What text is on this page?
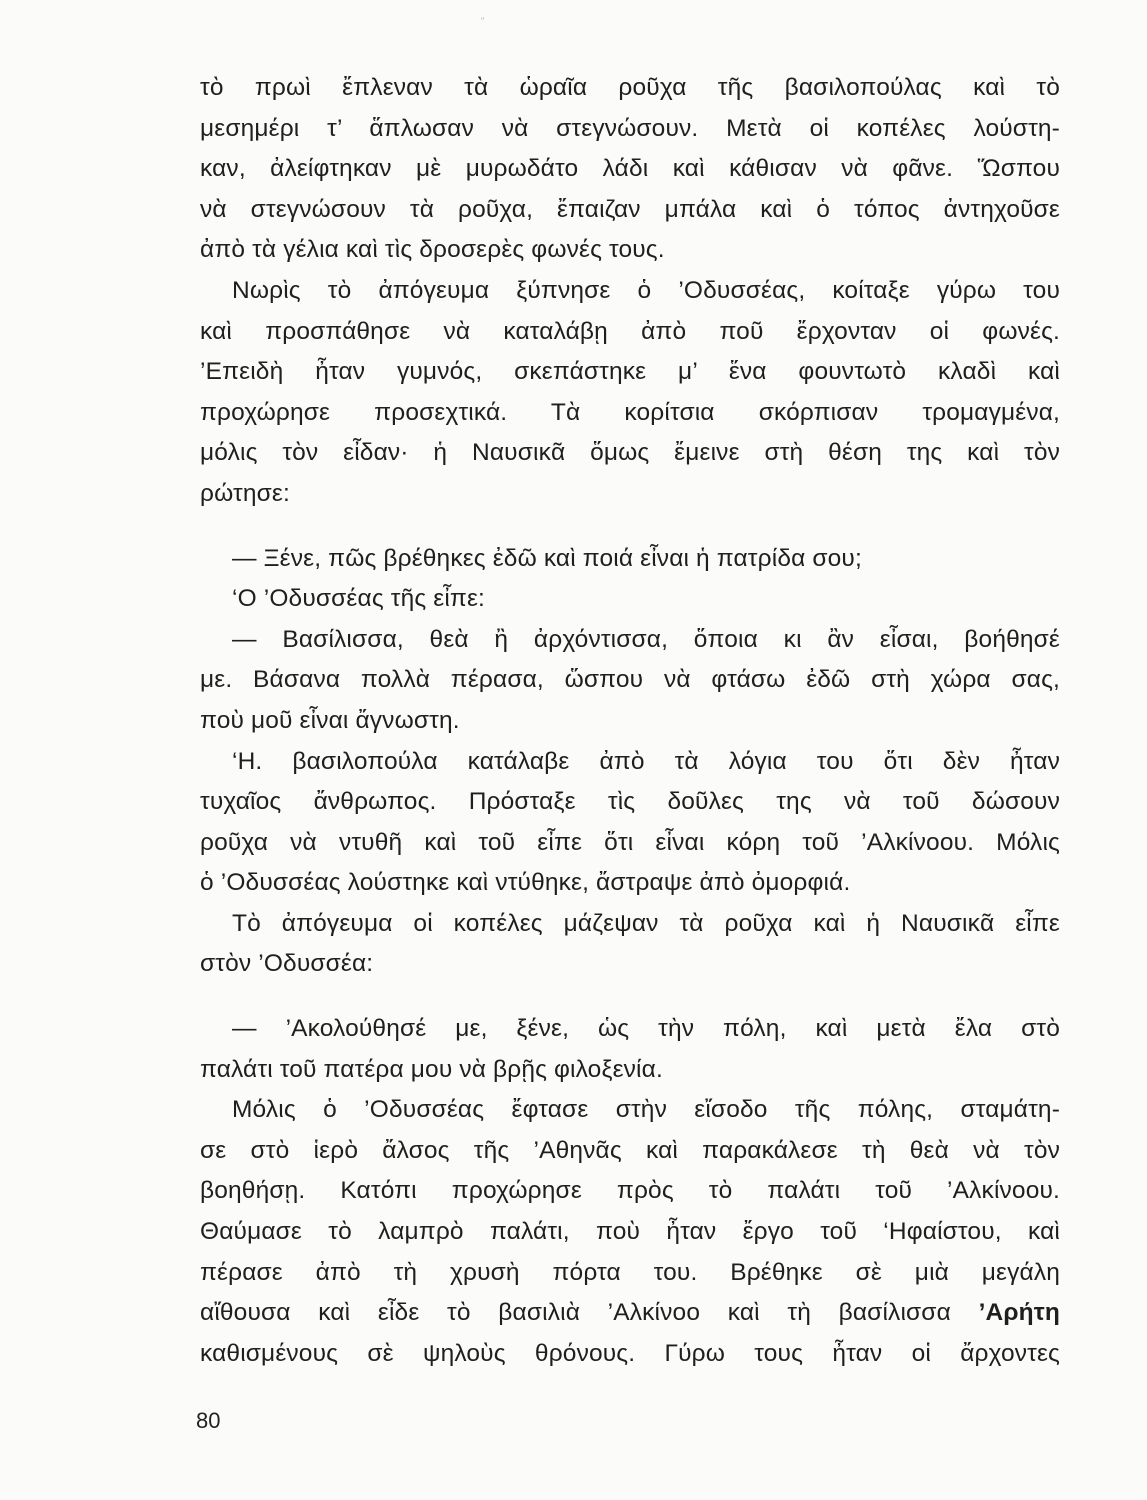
"
τὸ πρωὶ ἔπλεναν τὰ ὡραῖα ροῦχα τῆς βασιλοπούλας καὶ τὸ
μεσημέρι τ’ ἅπλωσαν νὰ στεγνώσουν. Μετὰ οἱ κοπέλες λούστη-
καν, ἀλείφτηκαν μὲ μυρωδάτο λάδι καὶ κάθισαν νὰ φᾶνε. Ὥσπου
νὰ στεγνώσουν τὰ ροῦχα, ἔπαιζαν μπάλα καὶ ὁ τόπος ἀντηχοῦσε
ἀπὸ τὰ γέλια καὶ τὶς δροσερὲς φωνές τους.
Νωρὶς τὸ ἀπόγευμα ξύπνησε ὁ ’Οδυσσέας, κοίταξε γύρω του
καὶ προσπάθησε νὰ καταλάβῃ ἀπὸ ποῦ ἔρχονταν οἱ φωνές.
’Επειδὴ ἦταν γυμνός, σκεπάστηκε μ’ ἕνα φουντωτὸ κλαδὶ καὶ
προχώρησε προσεχτικά. Τὰ κορίτσια σκόρπισαν τρομαγμένα,
μόλις τὸν εἶδαν· ἡ Ναυσικᾶ ὅμως ἔμεινε στὴ θέση της καὶ τὸν
ρώτησε:
— Ξένε, πῶς βρέθηκες ἐδῶ καὶ ποιά εἶναι ἡ πατρίδα σου;
‘Ο ’Οδυσσέας τῆς εἶπε:
— Βασίλισσα, θεὰ ἢ ἀρχόντισσα, ὅποια κι ἂν εἶσαι, βοήθησέ
με. Βάσανα πολλὰ πέρασα, ὥσπου νὰ φτάσω ἐδῶ στὴ χώρα σας,
ποὺ μοῦ εἶναι ἄγνωστη.
‘Η. βασιλοπούλα κατάλαβε ἀπὸ τὰ λόγια του ὅτι δὲν ἦταν
τυχαῖος ἄνθρωπος. Πρόσταξε τὶς δοῦλες της νὰ τοῦ δώσουν
ροῦχα νὰ ντυθῆ καὶ τοῦ εἶπε ὅτι εἶναι κόρη τοῦ ’Αλκίνοου. Μόλις
ὁ ’Οδυσσέας λούστηκε καὶ ντύθηκε, ἄστραψε ἀπὸ ὀμορφιά.
Τὸ ἀπόγευμα οἱ κοπέλες μάζεψαν τὰ ροῦχα καὶ ἡ Ναυσικᾶ εἶπε
στὸν ’Οδυσσέα:
— ’Ακολούθησέ με, ξένε, ὡς τὴν πόλη, καὶ μετὰ ἔλα στὸ
παλάτι τοῦ πατέρα μου νὰ βρῇς φιλοξενία.
Μόλις ὁ ’Οδυσσέας ἔφτασε στὴν εἴσοδο τῆς πόλης, σταμάτη-
σε στὸ ἱερὸ ἄλσος τῆς ’Αθηνᾶς καὶ παρακάλεσε τὴ θεὰ νὰ τὸν
βοηθήσῃ. Κατόπι προχώρησε πρὸς τὸ παλάτι τοῦ ’Αλκίνοου.
Θαύμασε τὸ λαμπρὸ παλάτι, ποὺ ἦταν ἔργο τοῦ ‘Ηφαίστου, καὶ
πέρασε ἀπὸ τὴ χρυσὴ πόρτα του. Βρέθηκε σὲ μιὰ μεγάλη
αἴθουσα καὶ εἶδε τὸ βασιλιὰ ’Αλκίνοο καὶ τὴ βασίλισσα ’Αρήτη
καθισμένους σὲ ψηλοὺς θρόνους. Γύρω τους ἦταν οἱ ἄρχοντες
80
